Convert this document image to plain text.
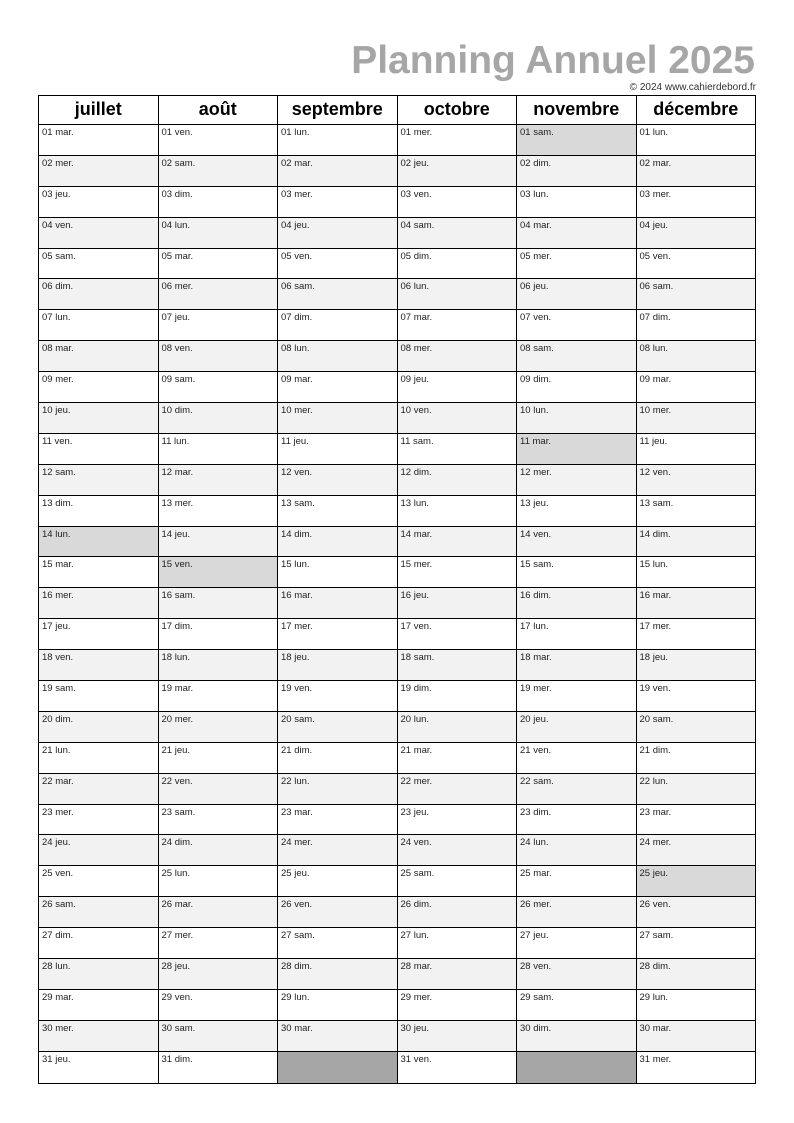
Planning Annuel 2025
© 2024 www.cahierdebord.fr
juillet
01 mar.
02 mer.
03 jeu.
04 ven.
05 sam.
06 dim.
07 lun.
08 mar.
09 mer.
10 jeu.
11 ven.
12 sam.
13 dim.
14 lun.
15 mar.
16 mer.
17 jeu.
18 ven.
19 sam.
20 dim.
21 lun.
22 mar.
23 mer.
24 jeu.
25 ven.
26 sam.
27 dim.
28 lun.
29 mar.
30 mer.
31 jeu.
août
01 ven.
02 sam.
03 dim.
04 lun.
05 mar.
06 mer.
07 jeu.
08 ven.
09 sam.
10 dim.
11 lun.
12 mar.
13 mer.
14 jeu.
15 ven.
16 sam.
17 dim.
18 lun.
19 mar.
20 mer.
21 jeu.
22 ven.
23 sam.
24 dim.
25 lun.
26 mar.
27 mer.
28 jeu.
29 ven.
30 sam.
31 dim.
septembre
01 lun.
02 mar.
03 mer.
04 jeu.
05 ven.
06 sam.
07 dim.
08 lun.
09 mar.
10 mer.
11 jeu.
12 ven.
13 sam.
14 dim.
15 lun.
16 mar.
17 mer.
18 jeu.
19 ven.
20 sam.
21 dim.
22 lun.
23 mar.
24 mer.
25 jeu.
26 ven.
27 sam.
28 dim.
29 lun.
30 mar.
octobre
01 mer.
02 jeu.
03 ven.
04 sam.
05 dim.
06 lun.
07 mar.
08 mer.
09 jeu.
10 ven.
11 sam.
12 dim.
13 lun.
14 mar.
15 mer.
16 jeu.
17 ven.
18 sam.
19 dim.
20 lun.
21 mar.
22 mer.
23 jeu.
24 ven.
25 sam.
26 dim.
27 lun.
28 mar.
29 mer.
30 jeu.
31 ven.
novembre
01 sam.
02 dim.
03 lun.
04 mar.
05 mer.
06 jeu.
07 ven.
08 sam.
09 dim.
10 lun.
11 mar.
12 mer.
13 jeu.
14 ven.
15 sam.
16 dim.
17 lun.
18 mar.
19 mer.
20 jeu.
21 ven.
22 sam.
23 dim.
24 lun.
25 mar.
26 mer.
27 jeu.
28 ven.
29 sam.
30 dim.
décembre
01 lun.
02 mar.
03 mer.
04 jeu.
05 ven.
06 sam.
07 dim.
08 lun.
09 mar.
10 mer.
11 jeu.
12 ven.
13 sam.
14 dim.
15 lun.
16 mar.
17 mer.
18 jeu.
19 ven.
20 sam.
21 dim.
22 lun.
23 mar.
24 mer.
25 jeu.
26 ven.
27 sam.
28 dim.
29 lun.
30 mar.
31 mer.
